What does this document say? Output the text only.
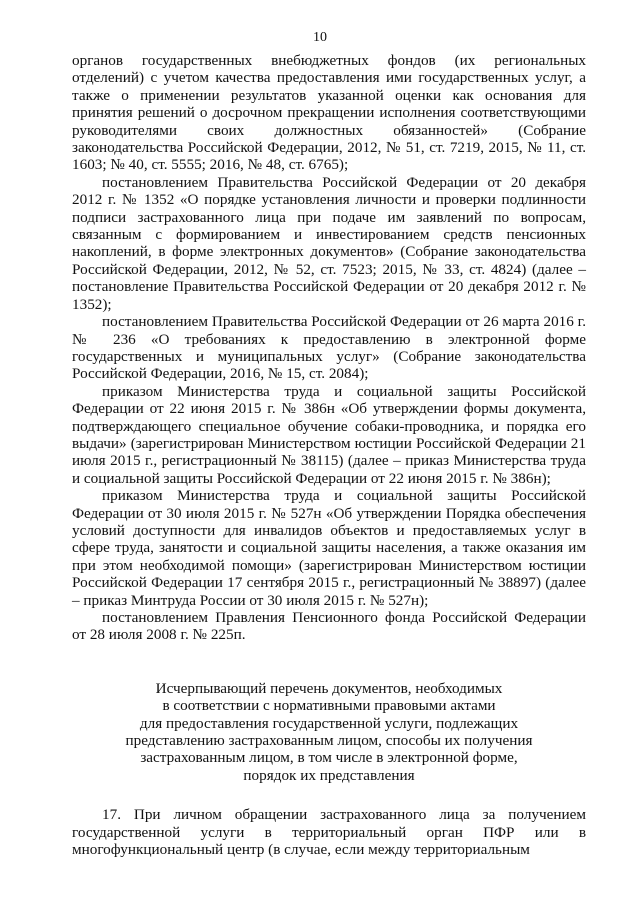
10

органов государственных внебюджетных фондов (их региональных отделений) с учетом качества предоставления ими государственных услуг, а также о применении результатов указанной оценки как основания для принятия решений о досрочном прекращении исполнения соответствующими руководителями своих должностных обязанностей» (Собрание законодательства Российской Федерации, 2012, № 51, ст. 7219, 2015, № 11, ст. 1603; № 40, ст. 5555; 2016, № 48, ст. 6765);

постановлением Правительства Российской Федерации от 20 декабря 2012 г. № 1352 «О порядке установления личности и проверки подлинности подписи застрахованного лица при подаче им заявлений по вопросам, связанным с формированием и инвестированием средств пенсионных накоплений, в форме электронных документов» (Собрание законодательства Российской Федерации, 2012, № 52, ст. 7523; 2015, № 33, ст. 4824) (далее – постановление Правительства Российской Федерации от 20 декабря 2012 г. № 1352);

постановлением Правительства Российской Федерации от 26 марта 2016 г. № 236 «О требованиях к предоставлению в электронной форме государственных и муниципальных услуг» (Собрание законодательства Российской Федерации, 2016, № 15, ст. 2084);

приказом Министерства труда и социальной защиты Российской Федерации от 22 июня 2015 г. № 386н «Об утверждении формы документа, подтверждающего специальное обучение собаки-проводника, и порядка его выдачи» (зарегистрирован Министерством юстиции Российской Федерации 21 июля 2015 г., регистрационный № 38115) (далее – приказ Министерства труда и социальной защиты Российской Федерации от 22 июня 2015 г. № 386н);

приказом Министерства труда и социальной защиты Российской Федерации от 30 июля 2015 г. № 527н «Об утверждении Порядка обеспечения условий доступности для инвалидов объектов и предоставляемых услуг в сфере труда, занятости и социальной защиты населения, а также оказания им при этом необходимой помощи» (зарегистрирован Министерством юстиции Российской Федерации 17 сентября 2015 г., регистрационный № 38897) (далее – приказ Минтруда России от 30 июля 2015 г. № 527н);

постановлением Правления Пенсионного фонда Российской Федерации от 28 июля 2008 г. № 225п.

Исчерпывающий перечень документов, необходимых
в соответствии с нормативными правовыми актами
для предоставления государственной услуги, подлежащих
представлению застрахованным лицом, способы их получения
застрахованным лицом, в том числе в электронной форме,
порядок их представления

17. При личном обращении застрахованного лица за получением государственной услуги в территориальный орган ПФР или в многофункциональный центр (в случае, если между территориальным
